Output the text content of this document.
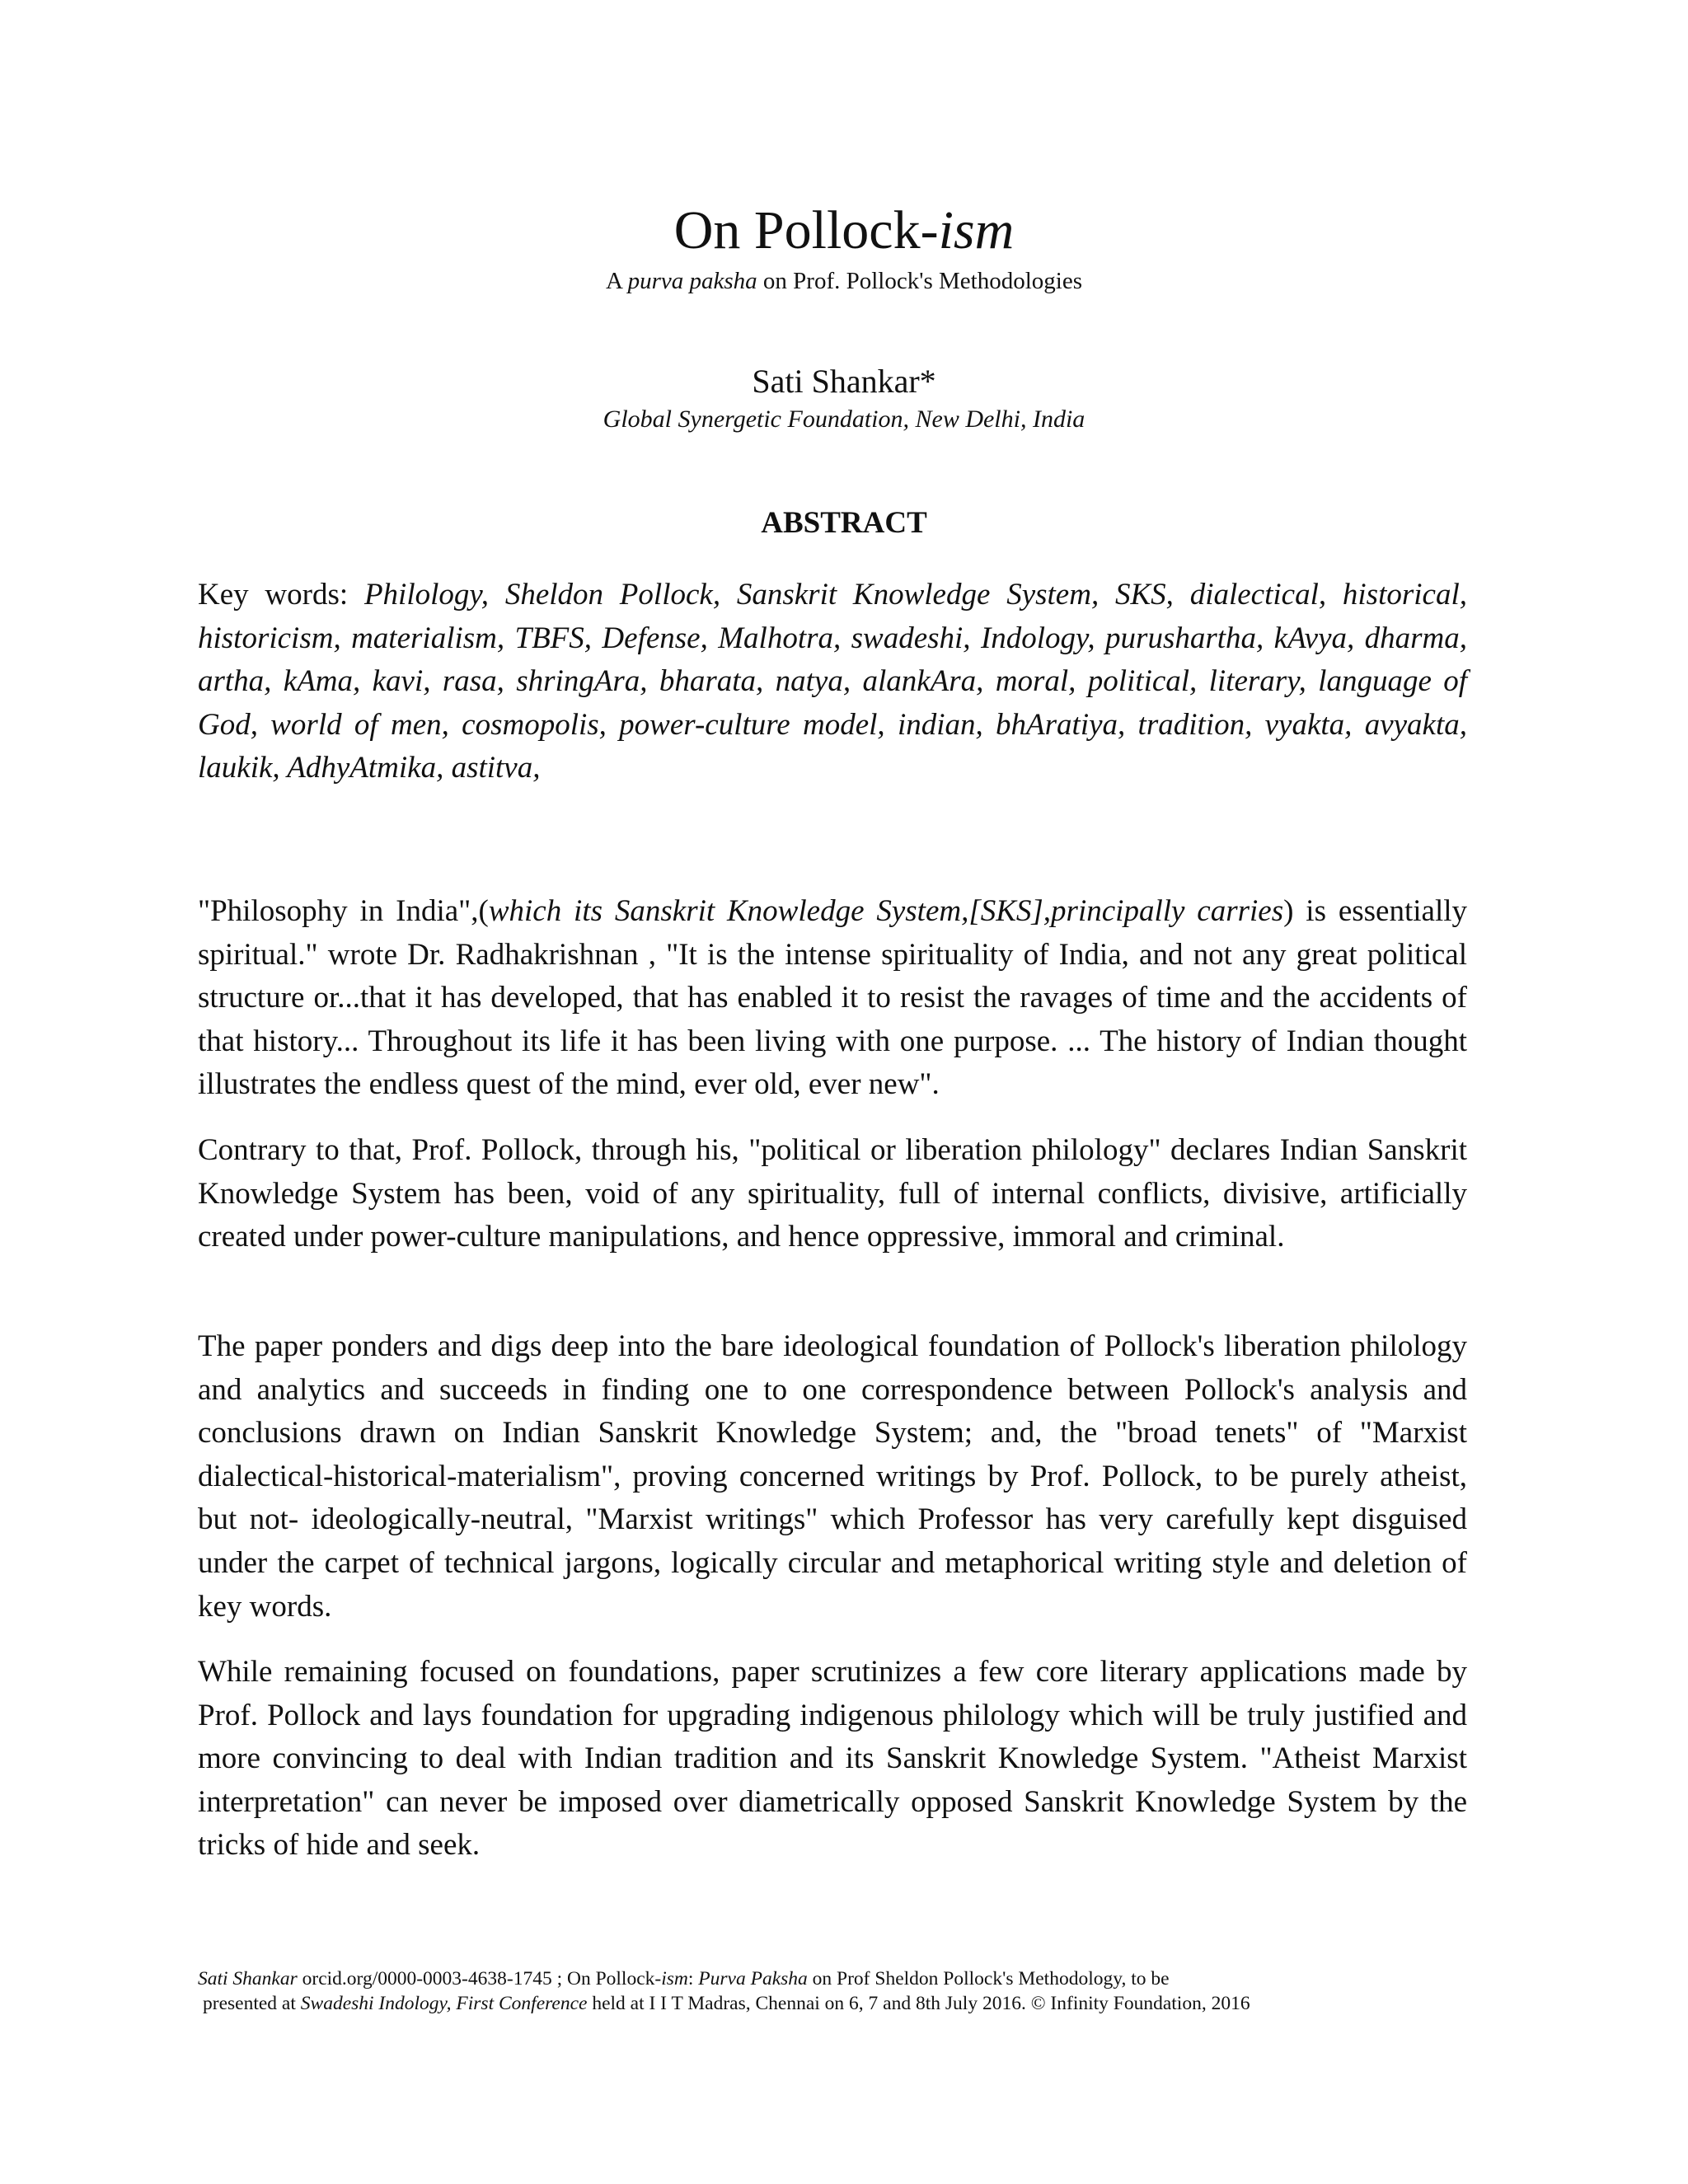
On Pollock-ism
A purva paksha on Prof. Pollock's Methodologies
Sati Shankar*
Global Synergetic Foundation, New Delhi, India
ABSTRACT
Key words: Philology, Sheldon Pollock, Sanskrit Knowledge System, SKS, dialectical, historical, historicism, materialism, TBFS, Defense, Malhotra, swadeshi, Indology, purushartha, kAvya, dharma, artha, kAma, kavi, rasa, shringAra, bharata, natya, alankAra, moral, political, literary, language of God, world of men, cosmopolis, power-culture model, indian, bhAratiya, tradition, vyakta, avyakta, laukik, AdhyAtmika, astitva,
"Philosophy in India",(which its Sanskrit Knowledge System,[SKS],principally carries) is essentially spiritual." wrote Dr. Radhakrishnan , "It is the intense spirituality of India, and not any great political structure or...that it has developed, that has enabled it to resist the ravages of time and the accidents of that history... Throughout its life it has been living with one purpose. ... The history of Indian thought illustrates the endless quest of the mind, ever old, ever new".
Contrary to that, Prof. Pollock, through his, "political or liberation philology" declares Indian Sanskrit Knowledge System has been, void of any spirituality, full of internal conflicts, divisive, artificially created under power-culture manipulations, and hence oppressive, immoral and criminal.
The paper ponders and digs deep into the bare ideological foundation of Pollock's liberation philology and analytics and succeeds in finding one to one correspondence between Pollock's analysis and conclusions drawn on Indian Sanskrit Knowledge System; and, the "broad tenets" of "Marxist dialectical-historical-materialism", proving concerned writings by Prof. Pollock, to be purely atheist, but not- ideologically-neutral, "Marxist writings" which Professor has very carefully kept disguised under the carpet of technical jargons, logically circular and metaphorical writing style and deletion of key words.
While remaining focused on foundations, paper scrutinizes a few core literary applications made by Prof. Pollock and lays foundation for upgrading indigenous philology which will be truly justified and more convincing to deal with Indian tradition and its Sanskrit Knowledge System. "Atheist Marxist interpretation" can never be imposed over diametrically opposed Sanskrit Knowledge System by the tricks of hide and seek.
Sati Shankar orcid.org/0000-0003-4638-1745 ; On Pollock-ism: Purva Paksha on Prof Sheldon Pollock's Methodology, to be
presented at Swadeshi Indology, First Conference held at I I T Madras, Chennai on 6, 7 and 8th July 2016. © Infinity Foundation, 2016
